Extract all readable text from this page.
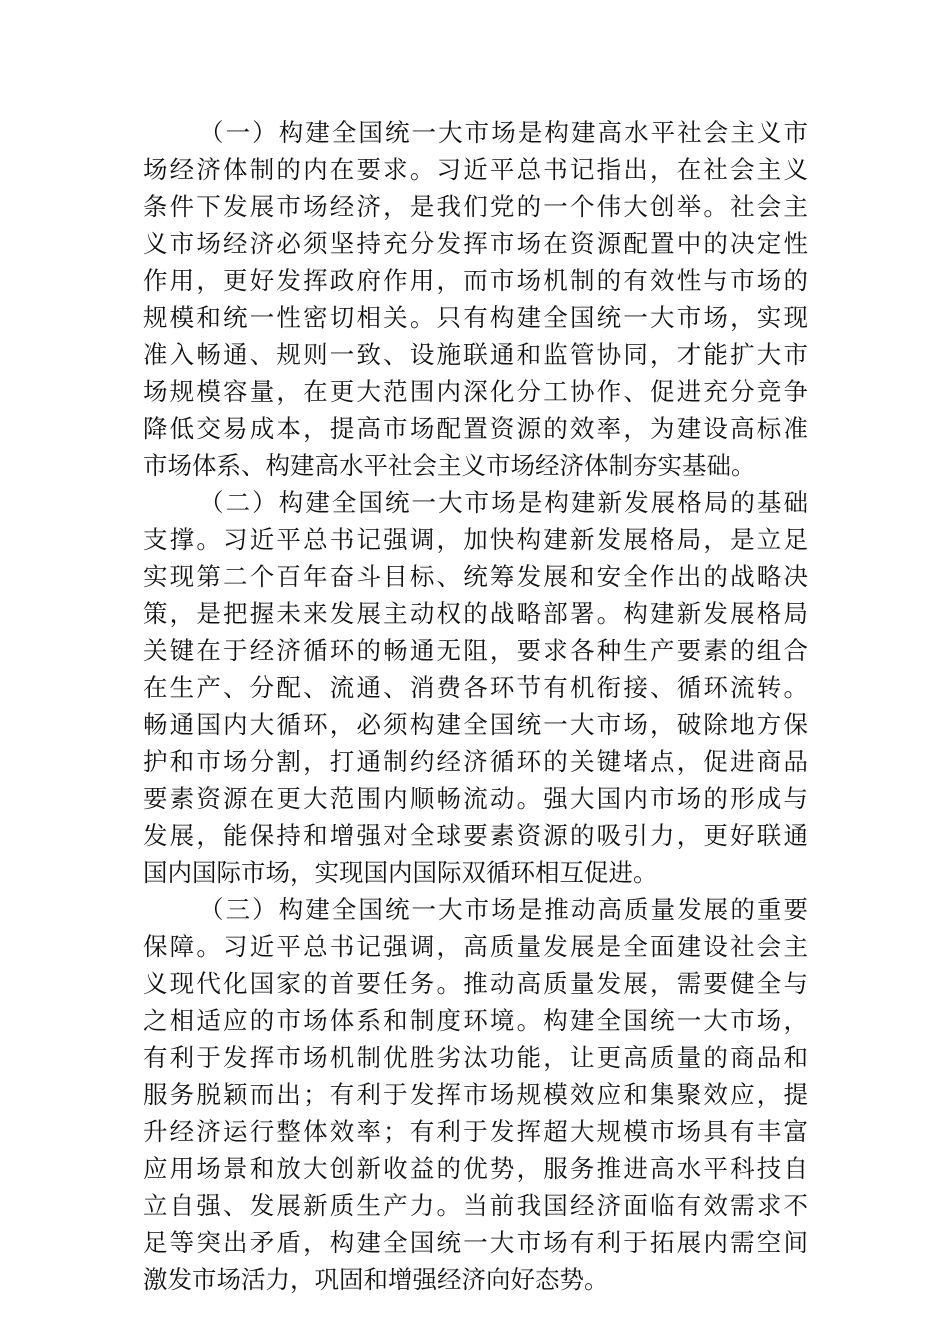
（一）构建全国统一大市场是构建高水平社会主义市
场经济体制的内在要求。习近平总书记指出，在社会主义
条件下发展市场经济，是我们党的一个伟大创举。社会主
义市场经济必须坚持充分发挥市场在资源配置中的决定性
作用，更好发挥政府作用，而市场机制的有效性与市场的
规模和统一性密切相关。只有构建全国统一大市场，实现
准入畅通、规则一致、设施联通和监管协同，才能扩大市
场规模容量，在更大范围内深化分工协作、促进充分竞争
降低交易成本，提高市场配置资源的效率，为建设高标准
市场体系、构建高水平社会主义市场经济体制夯实基础。
（二）构建全国统一大市场是构建新发展格局的基础
支撑。习近平总书记强调，加快构建新发展格局，是立足
实现第二个百年奋斗目标、统筹发展和安全作出的战略决
策，是把握未来发展主动权的战略部署。构建新发展格局
关键在于经济循环的畅通无阻，要求各种生产要素的组合
在生产、分配、流通、消费各环节有机衔接、循环流转。
畅通国内大循环，必须构建全国统一大市场，破除地方保
护和市场分割，打通制约经济循环的关键堵点，促进商品
要素资源在更大范围内顺畅流动。强大国内市场的形成与
发展，能保持和增强对全球要素资源的吸引力，更好联通
国内国际市场，实现国内国际双循环相互促进。
（三）构建全国统一大市场是推动高质量发展的重要
保障。习近平总书记强调，高质量发展是全面建设社会主
义现代化国家的首要任务。推动高质量发展，需要健全与
之相适应的市场体系和制度环境。构建全国统一大市场，
有利于发挥市场机制优胜劣汰功能，让更高质量的商品和
服务脱颖而出；有利于发挥市场规模效应和集聚效应，提
升经济运行整体效率；有利于发挥超大规模市场具有丰富
应用场景和放大创新收益的优势，服务推进高水平科技自
立自强、发展新质生产力。当前我国经济面临有效需求不
足等突出矛盾，构建全国统一大市场有利于拓展内需空间
激发市场活力，巩固和增强经济向好态势。
